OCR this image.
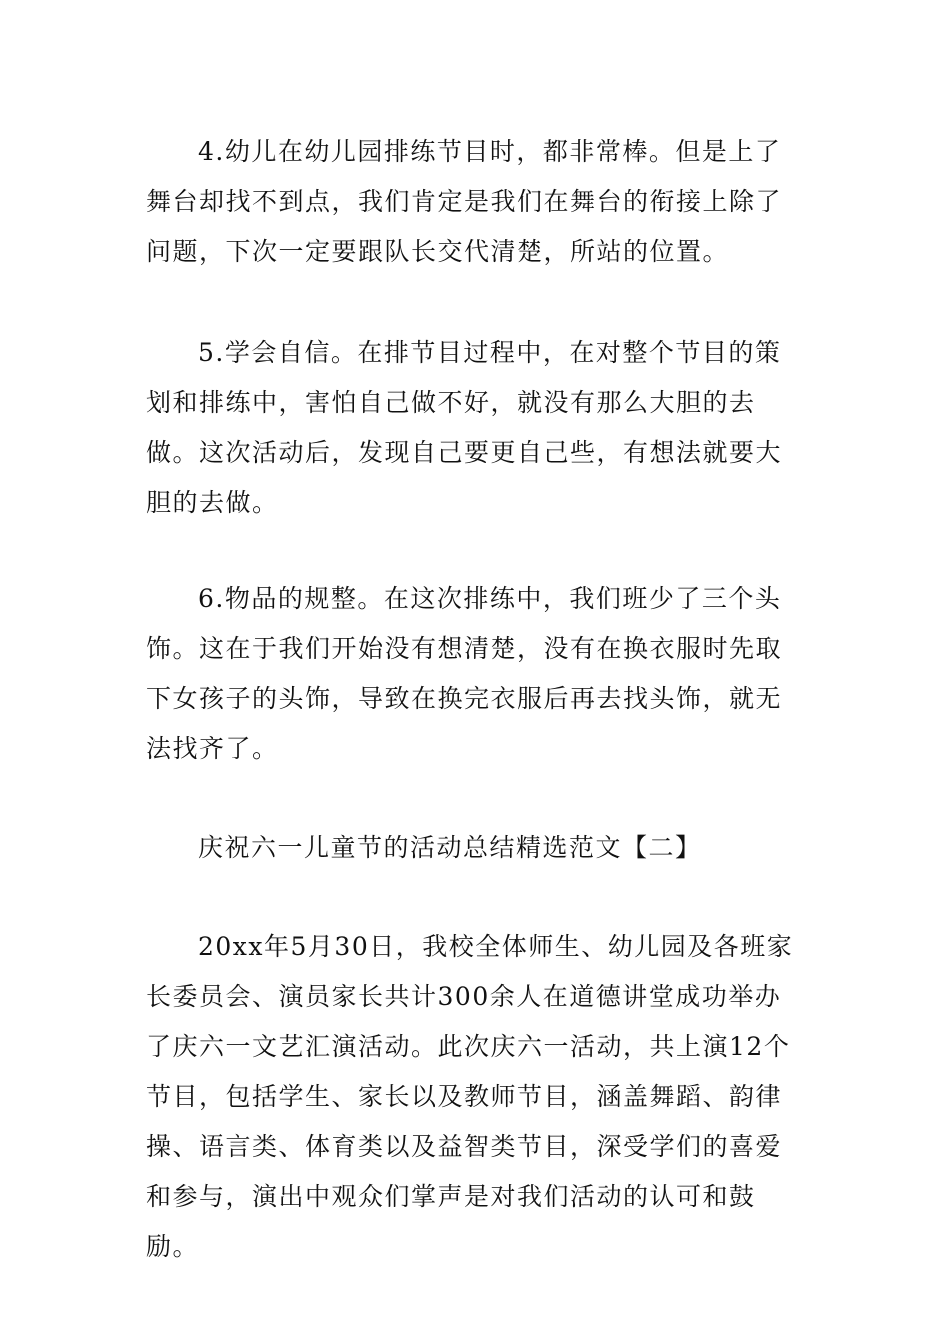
4.幼儿在幼儿园排练节目时，都非常棒。但是上了舞台却找不到点，我们肯定是我们在舞台的衔接上除了问题，下次一定要跟队长交代清楚，所站的位置。

5.学会自信。在排节目过程中，在对整个节目的策划和排练中，害怕自己做不好，就没有那么大胆的去做。这次活动后，发现自己要更自己些，有想法就要大胆的去做。

6.物品的规整。在这次排练中，我们班少了三个头饰。这在于我们开始没有想清楚，没有在换衣服时先取下女孩子的头饰，导致在换完衣服后再去找头饰，就无法找齐了。

庆祝六一儿童节的活动总结精选范文【二】

20xx年5月30日，我校全体师生、幼儿园及各班家长委员会、演员家长共计300余人在道德讲堂成功举办了庆六一文艺汇演活动。此次庆六一活动，共上演12个节目，包括学生、家长以及教师节目，涵盖舞蹈、韵律操、语言类、体育类以及益智类节目，深受学们的喜爱和参与，演出中观众们掌声是对我们活动的认可和鼓励。
